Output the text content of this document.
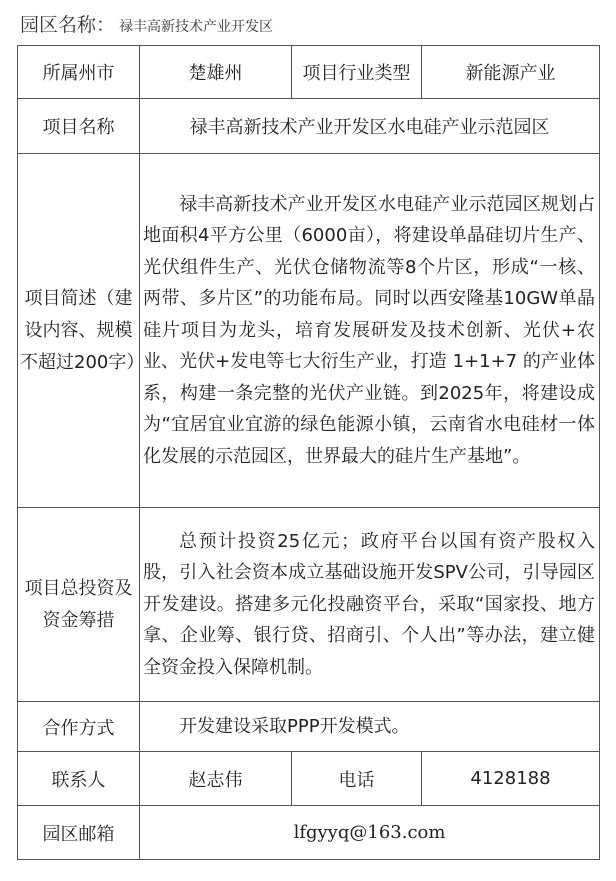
园区名称： 禄丰高新技术产业开发区
所属州市	楚雄州	项目行业类型	新能源产业
项目名称	禄丰高新技术产业开发区水电硅产业示范园区		
项目简述（建设内容、规模不超过200字）	禄丰高新技术产业开发区水电硅产业示范园区规划占地面积4平方公里（6000亩），将建设单晶硅切片生产、光伏组件生产、光伏仓储物流等8个片区，形成“一核、两带、多片区”的功能布局。同时以西安隆基10GW单晶硅片项目为龙头，培育发展研发及技术创新、光伏+农业、光伏+发电等七大衍生产业，打造 1+1+7 的产业体系，构建一条完整的光伏产业链。到2025年，将建设成为“宜居宜业宜游的绿色能源小镇，云南省水电硅材一体化发展的示范园区，世界最大的硅片生产基地”。		

项目总投资及资金筹措	总预计投资25亿元；政府平台以国有资产股权入股，引入社会资本成立基础设施开发SPV公司，引导园区开发建设。搭建多元化投融资平台，采取“国家投、地方拿、企业筹、银行贷、招商引、个人出”等办法，建立健全资金投入保障机制。		

合作方式	开发建设采取PPP开发模式。		

联系人	赵志伟	电话	4128188
园区邮箱	lfgyyq@163.com		
